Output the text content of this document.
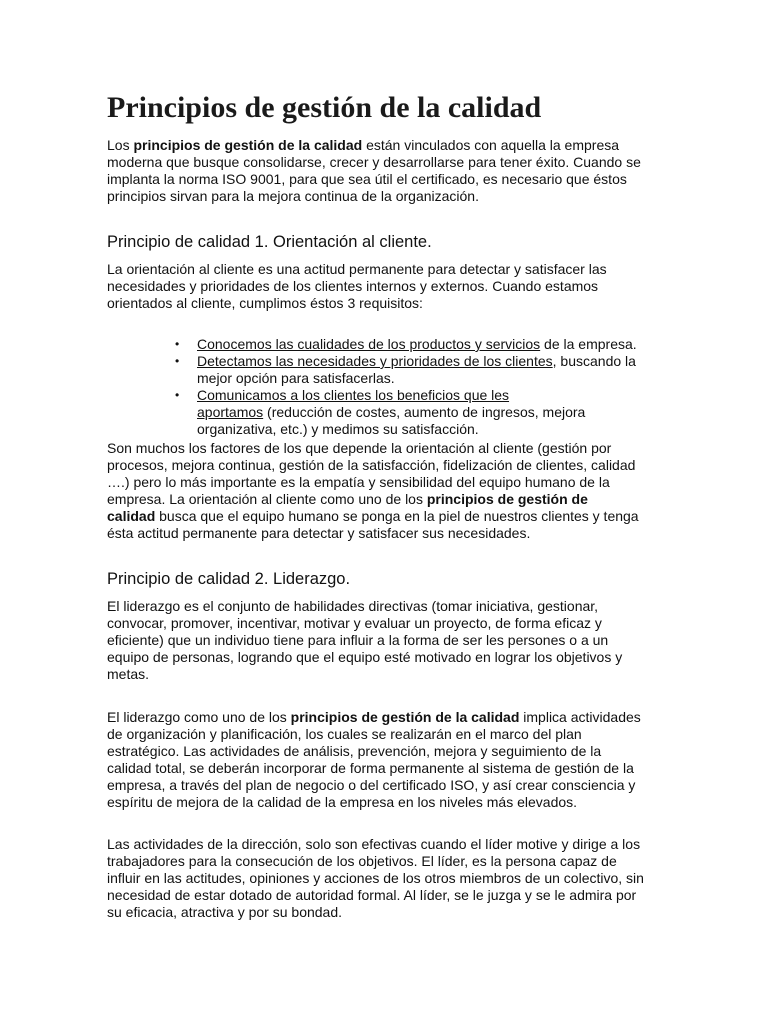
Principios de gestión de la calidad
Los principios de gestión de la calidad están vinculados con aquella la empresa
moderna que busque consolidarse, crecer y desarrollarse para tener éxito. Cuando se
implanta la norma ISO 9001, para que sea útil el certificado, es necesario que éstos
principios sirvan para la mejora continua de la organización.
Principio de calidad 1. Orientación al cliente.
La orientación al cliente es una actitud permanente para detectar y satisfacer las
necesidades y prioridades de los clientes internos y externos. Cuando estamos
orientados al cliente, cumplimos éstos 3 requisitos:
• Conocemos las cualidades de los productos y servicios de la empresa.
• Detectamos las necesidades y prioridades de los clientes, buscando la
mejor opción para satisfacerlas.
• Comunicamos a los clientes los beneficios que les
aportamos (reducción de costes, aumento de ingresos, mejora
organizativa, etc.) y medimos su satisfacción.
Son muchos los factores de los que depende la orientación al cliente (gestión por
procesos, mejora continua, gestión de la satisfacción, fidelización de clientes, calidad
….) pero lo más importante es la empatía y sensibilidad del equipo humano de la
empresa. La orientación al cliente como uno de los principios de gestión de
calidad busca que el equipo humano se ponga en la piel de nuestros clientes y tenga
ésta actitud permanente para detectar y satisfacer sus necesidades.
Principio de calidad 2. Liderazgo.
El liderazgo es el conjunto de habilidades directivas (tomar iniciativa, gestionar,
convocar, promover, incentivar, motivar y evaluar un proyecto, de forma eficaz y
eficiente) que un individuo tiene para influir a la forma de ser les persones o a un
equipo de personas, logrando que el equipo esté motivado en lograr los objetivos y
metas.
El liderazgo como uno de los principios de gestión de la calidad implica actividades
de organización y planificación, los cuales se realizarán en el marco del plan
estratégico. Las actividades de análisis, prevención, mejora y seguimiento de la
calidad total, se deberán incorporar de forma permanente al sistema de gestión de la
empresa, a través del plan de negocio o del certificado ISO, y así crear consciencia y
espíritu de mejora de la calidad de la empresa en los niveles más elevados.
Las actividades de la dirección, solo son efectivas cuando el líder motive y dirige a los
trabajadores para la consecución de los objetivos. El líder, es la persona capaz de
influir en las actitudes, opiniones y acciones de los otros miembros de un colectivo, sin
necesidad de estar dotado de autoridad formal. Al líder, se le juzga y se le admira por
su eficacia, atractiva y por su bondad.
